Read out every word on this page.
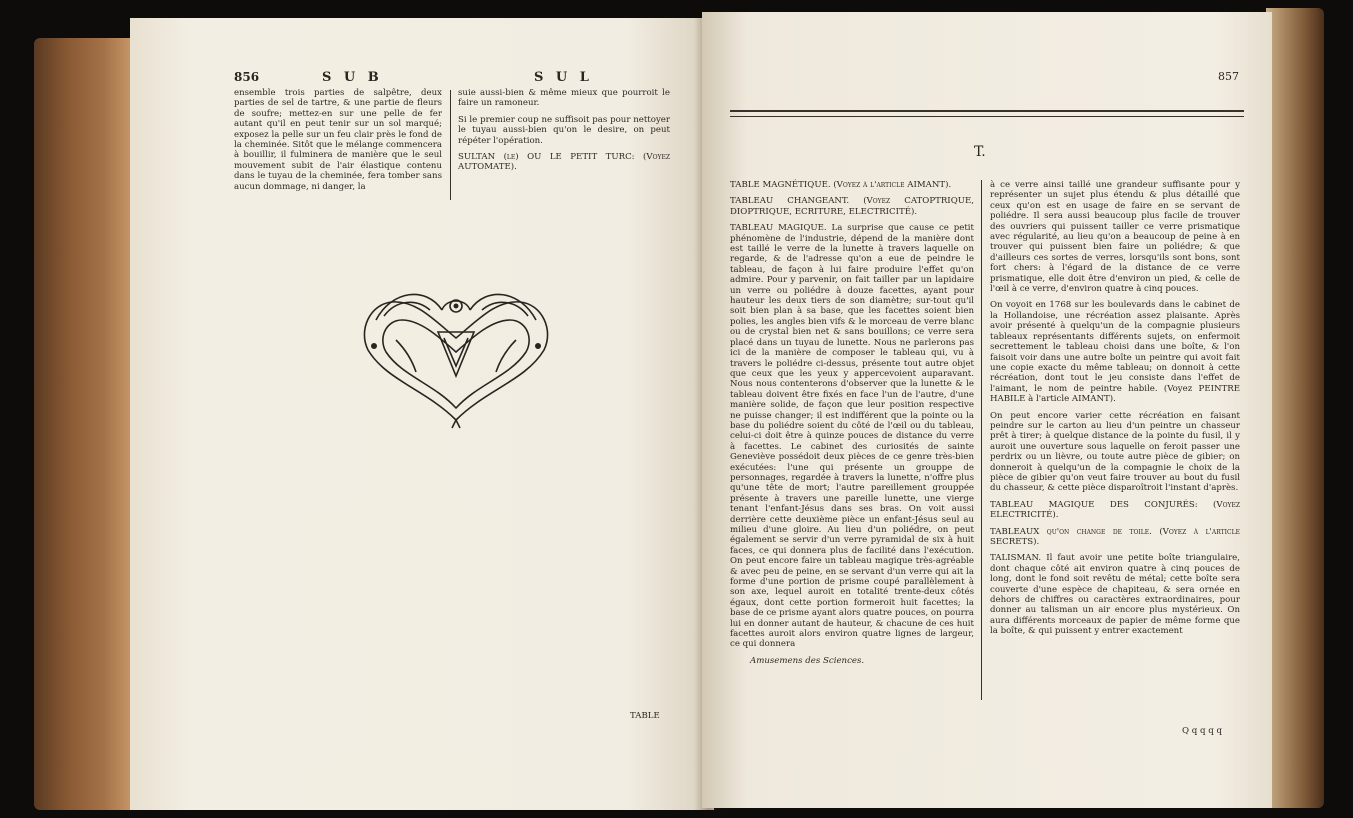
856	S U B	S U L

ensemble trois parties de salpêtre, deux parties de sel de tartre, & une partie de fleurs de soufre; mettez-en sur une pelle de fer autant qu'il en peut tenir sur un sol marqué; exposez la pelle sur un feu clair près le fond de la cheminée. Sitôt que le mélange commencera à bouillir, il fulminera de manière que le seul mouvement subit de l'air élastique contenu dans le tuyau de la cheminée, fera tomber sans aucun dommage, ni danger, la

suie aussi-bien & même mieux que pourroit le faire un ramoneur.

Si le premier coup ne suffisoit pas pour nettoyer le tuyau aussi-bien qu'on le desire, on peut répéter l'opération.

SULTAN (le) OU LE PETIT TURC: (Voyez AUTOMATE).

TABLE
857
T.

TABLE MAGNÉTIQUE. (Voyez à l'article AIMANT).

TABLEAU CHANGEANT. (Voyez CATOPTRIQUE, DIOPTRIQUE, ECRITURE, ELECTRICITÉ).

TABLEAU MAGIQUE. La surprise que cause ce petit phénomène de l'industrie, dépend de la manière dont est taillé le verre de la lunette à travers laquelle on regarde, & de l'adresse qu'on a eue de peindre le tableau, de façon à lui faire produire l'effet qu'on admire. Pour y parvenir, on fait tailler par un lapidaire un verre ou poliédre à douze facettes, ayant pour hauteur les deux tiers de son diamètre; sur-tout qu'il soit bien plan à sa base, que les facettes soient bien polies, les angles bien vifs & le morceau de verre blanc ou de crystal bien net & sans bouillons; ce verre sera placé dans un tuyau de lunette. Nous ne parlerons pas ici de la manière de composer le tableau qui, vu à travers le poliédre ci-dessus, présente tout autre objet que ceux que les yeux y appercevoient auparavant. Nous nous contenterons d'observer que la lunette & le tableau doivent être fixés en face l'un de l'autre, d'une manière solide, de façon que leur position respective ne puisse changer; il est indifférent que la pointe ou la base du poliédre soient du côté de l'œil ou du tableau, celui-ci doit être à quinze pouces de distance du verre à facettes. Le cabinet des curiosités de sainte Geneviève possédoit deux pièces de ce genre très-bien exécutées: l'une qui présente un grouppe de personnages, regardée à travers la lunette, n'offre plus qu'une tête de mort; l'autre pareillement grouppée présente à travers une pareille lunette, une vierge tenant l'enfant-Jésus dans ses bras. On voit aussi derrière cette deuxième pièce un enfant-Jésus seul au milieu d'une gloire. Au lieu d'un poliédre, on peut également se servir d'un verre pyramidal de six à huit faces, ce qui donnera plus de facilité dans l'exécution. On peut encore faire un tableau magique très-agréable & avec peu de peine, en se servant d'un verre qui ait la forme d'une portion de prisme coupé parallèlement à son axe, lequel auroit en totalité trente-deux côtés égaux, dont cette portion formeroit huit facettes; la base de ce prisme ayant alors quatre pouces, on pourra lui en donner autant de hauteur, & chacune de ces huit facettes auroit alors environ quatre lignes de largeur, ce qui donnera

Amusemens des Sciences.

à ce verre ainsi taillé une grandeur suffisante pour y représenter un sujet plus étendu & plus détaillé que ceux qu'on est en usage de faire en se servant de poliédre. Il sera aussi beaucoup plus facile de trouver des ouvriers qui puissent tailler ce verre prismatique avec régularité, au lieu qu'on a beaucoup de peine à en trouver qui puissent bien faire un poliédre; & que d'ailleurs ces sortes de verres, lorsqu'ils sont bons, sont fort chers: à l'égard de la distance de ce verre prismatique, elle doit être d'environ un pied, & celle de l'œil à ce verre, d'environ quatre à cinq pouces.

On voyoit en 1768 sur les boulevards dans le cabinet de la Hollandoise, une récréation assez plaisante. Après avoir présenté à quelqu'un de la compagnie plusieurs tableaux représentants différents sujets, on enfermoit secrettement le tableau choisi dans une boîte, & l'on faisoit voir dans une autre boîte un peintre qui avoit fait une copie exacte du même tableau; on donnoit à cette récréation, dont tout le jeu consiste dans l'effet de l'aimant, le nom de peintre habile. (Voyez PEINTRE HABILE à l'article AIMANT).

On peut encore varier cette récréation en faisant peindre sur le carton au lieu d'un peintre un chasseur prêt à tirer; à quelque distance de la pointe du fusil, il y auroit une ouverture sous laquelle on feroit passer une perdrix ou un lièvre, ou toute autre pièce de gibier; on donneroit à quelqu'un de la compagnie le choix de la pièce de gibier qu'on veut faire trouver au bout du fusil du chasseur, & cette pièce disparoîtroit l'instant d'après.

TABLEAU MAGIQUE DES CONJURÉS: (Voyez ELECTRICITÉ).

TABLEAUX qu'on change de toile. (Voyez à l'article SECRETS).

TALISMAN. Il faut avoir une petite boîte triangulaire, dont chaque côté ait environ quatre à cinq pouces de long, dont le fond soit revêtu de métal; cette boîte sera couverte d'une espèce de chapiteau, & sera ornée en dehors de chiffres ou caractères extraordinaires, pour donner au talisman un air encore plus mystérieux. On aura différents morceaux de papier de même forme que la boîte, & qui puissent y entrer exactement

Q q q q q
